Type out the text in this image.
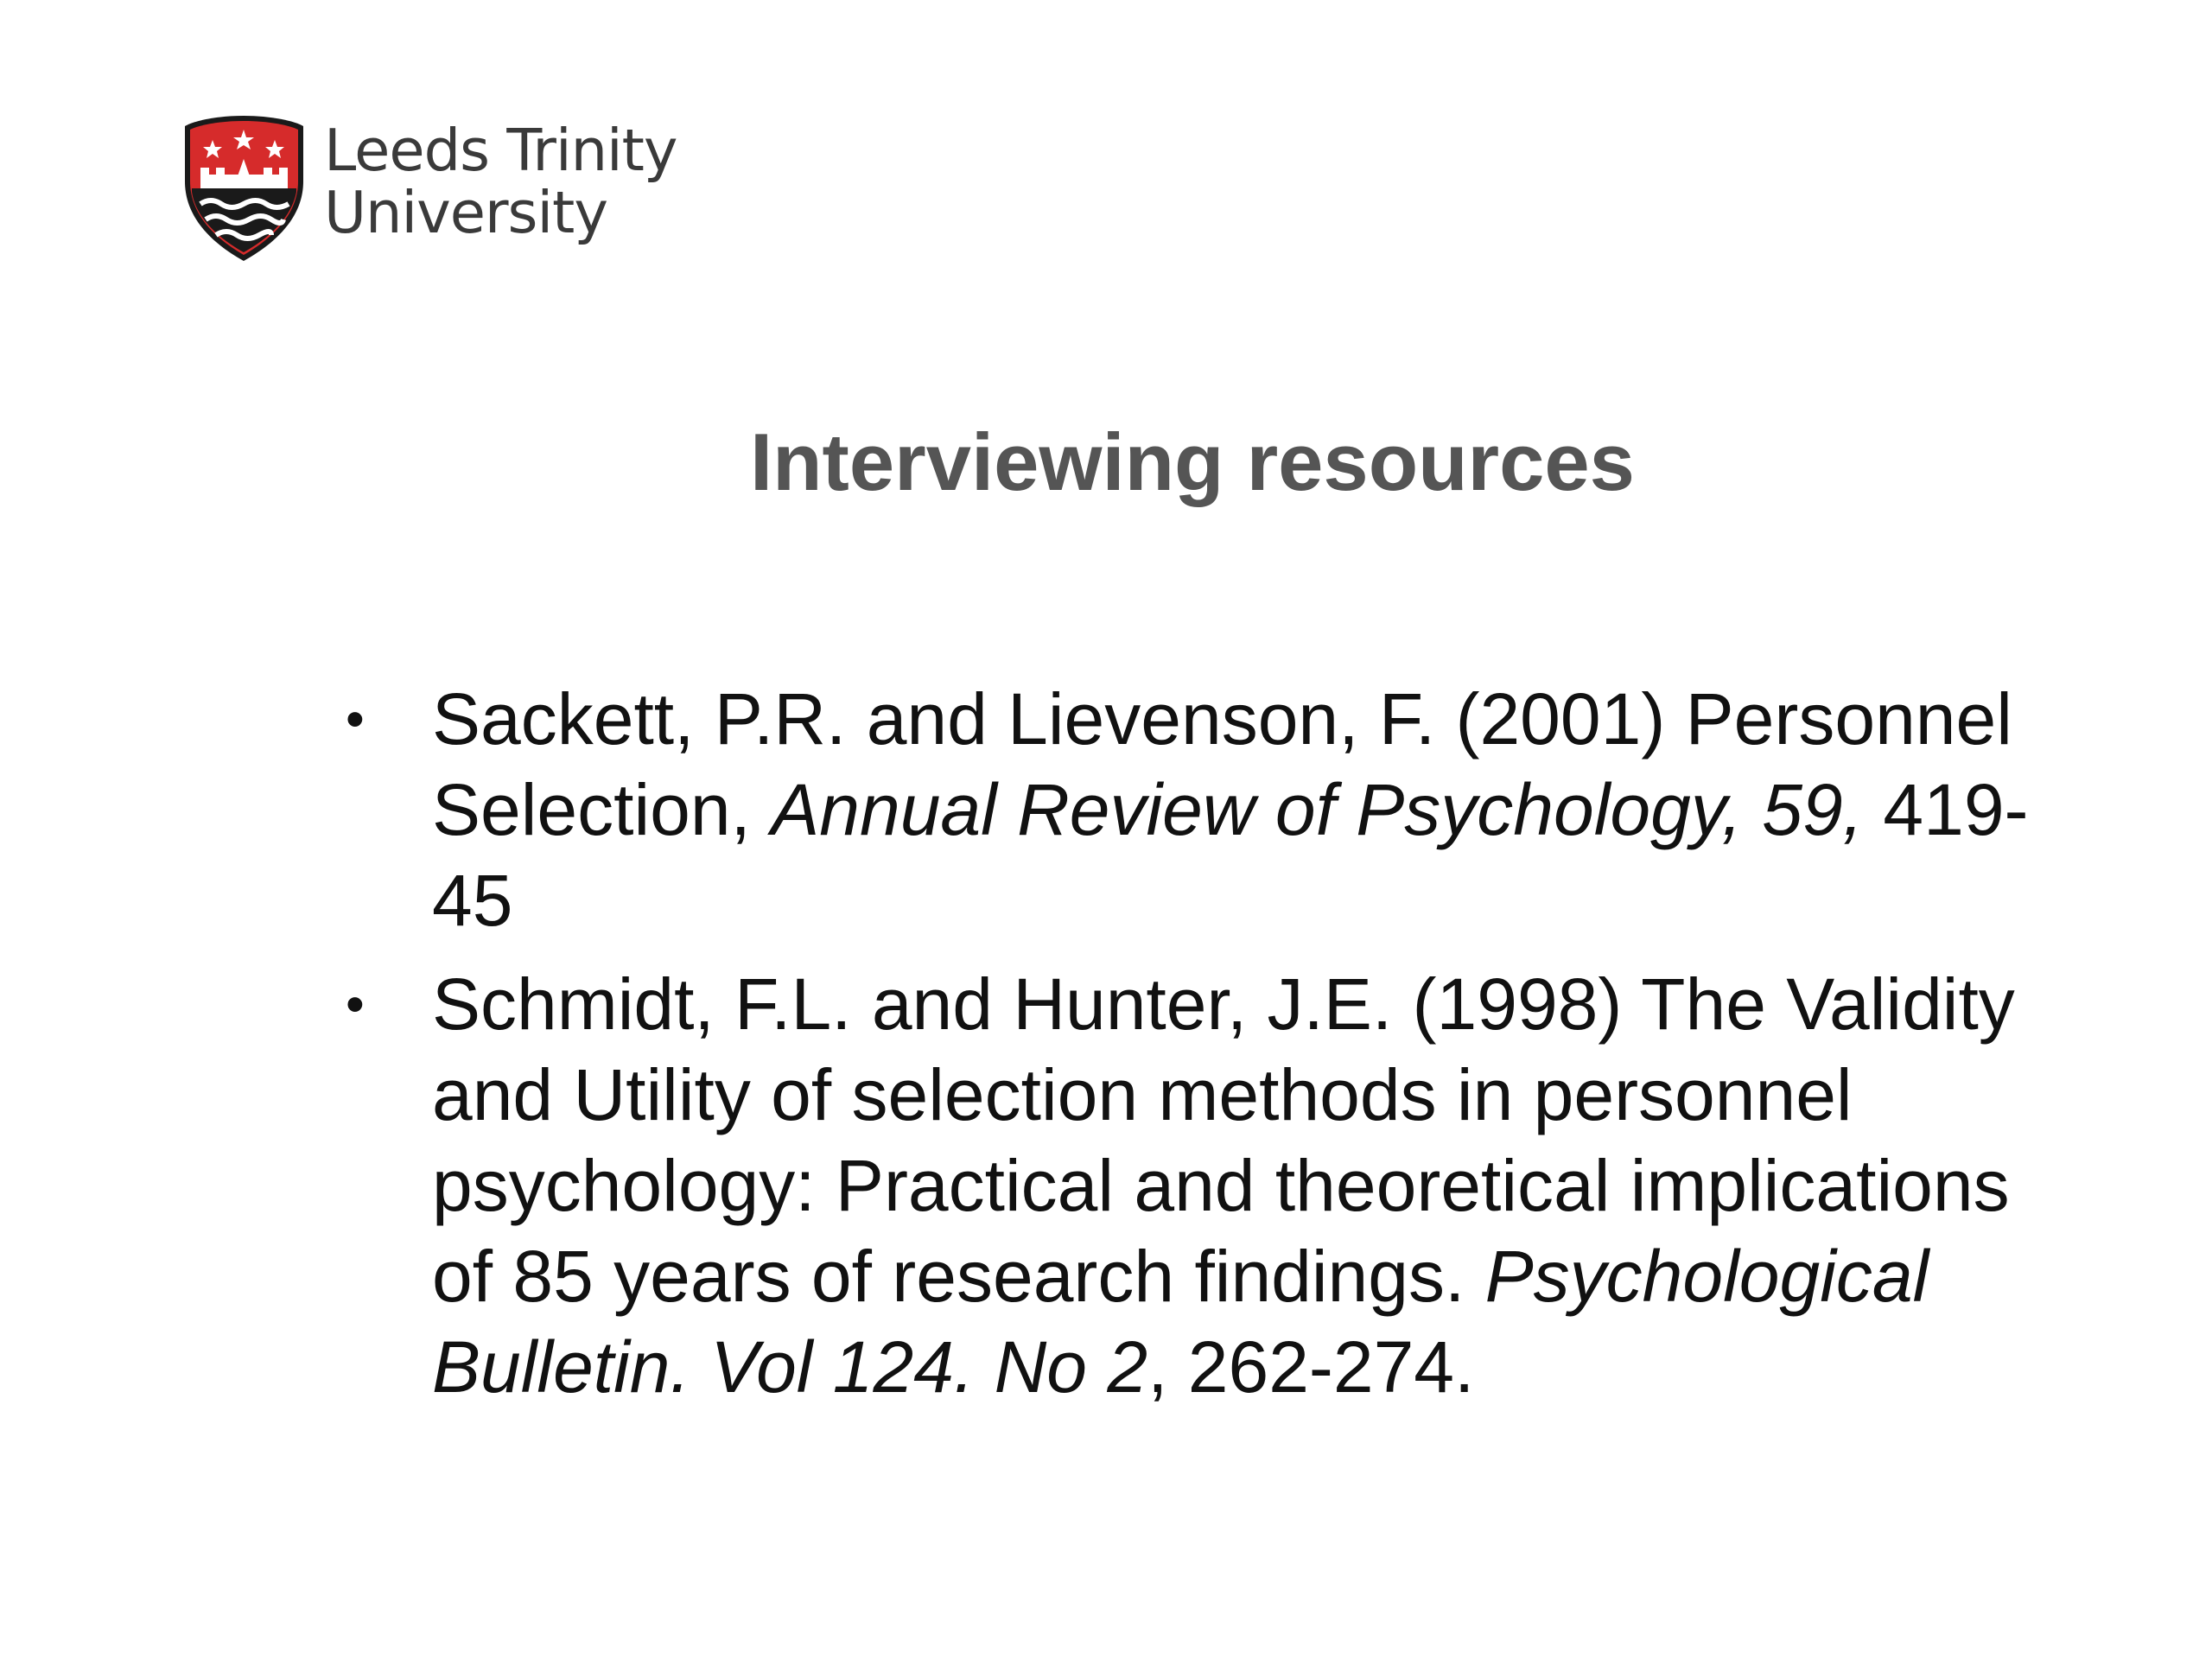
Leeds Trinity
University
Interviewing resources
• Sackett, P.R. and Lievenson, F. (2001) Personnel Selection, Annual Review of Psychology, 59, 419-45
• Schmidt, F.L. and Hunter, J.E. (1998) The Validity and Utility of selection methods in personnel psychology: Practical and theoretical implications of 85 years of research findings. Psychological Bulletin. Vol 124. No 2, 262-274.
